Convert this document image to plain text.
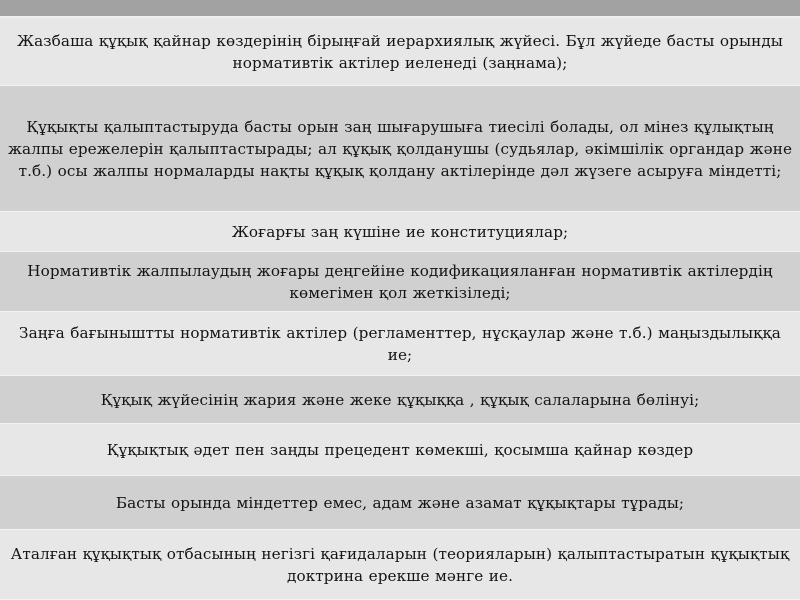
Жазбаша құқық қайнар көздерінің бірыңғай иерархиялық жүйесі. Бұл жүйеде басты орынды нормативтік актілер иеленеді (заңнама);
Құқықты қалыптастыруда басты орын заң шығарушыға тиесілі болады, ол мінез құлықтың жалпы ережелерін қалыптастырады; ал құқық қолданушы (судьялар, әкімшілік органдар және т.б.) осы жалпы нормаларды нақты құқық қолдану актілерінде дәл жүзеге асыруға міндетті;
Жоғарғы заң күшіне ие конституциялар;
Нормативтік жалпылаудың жоғары деңгейіне кодификацияланған нормативтік актілердің көмегімен қол жеткізіледі;
Заңға бағыныштты нормативтік актілер (регламенттер, нұсқаулар және т.б.) маңыздылыққа ие;
Құқық жүйесінің жария және жеке құқыққа , құқық салаларына бөлінуі;
Құқықтық әдет пен заңды прецедент көмекші, қосымша қайнар көздер
Басты орында міндеттер емес, адам және азамат құқықтары тұрады;
Аталған құқықтық отбасының негізгі қағидаларын (теорияларын) қалыптастыратын құқықтық доктрина ерекше мәнге ие.
